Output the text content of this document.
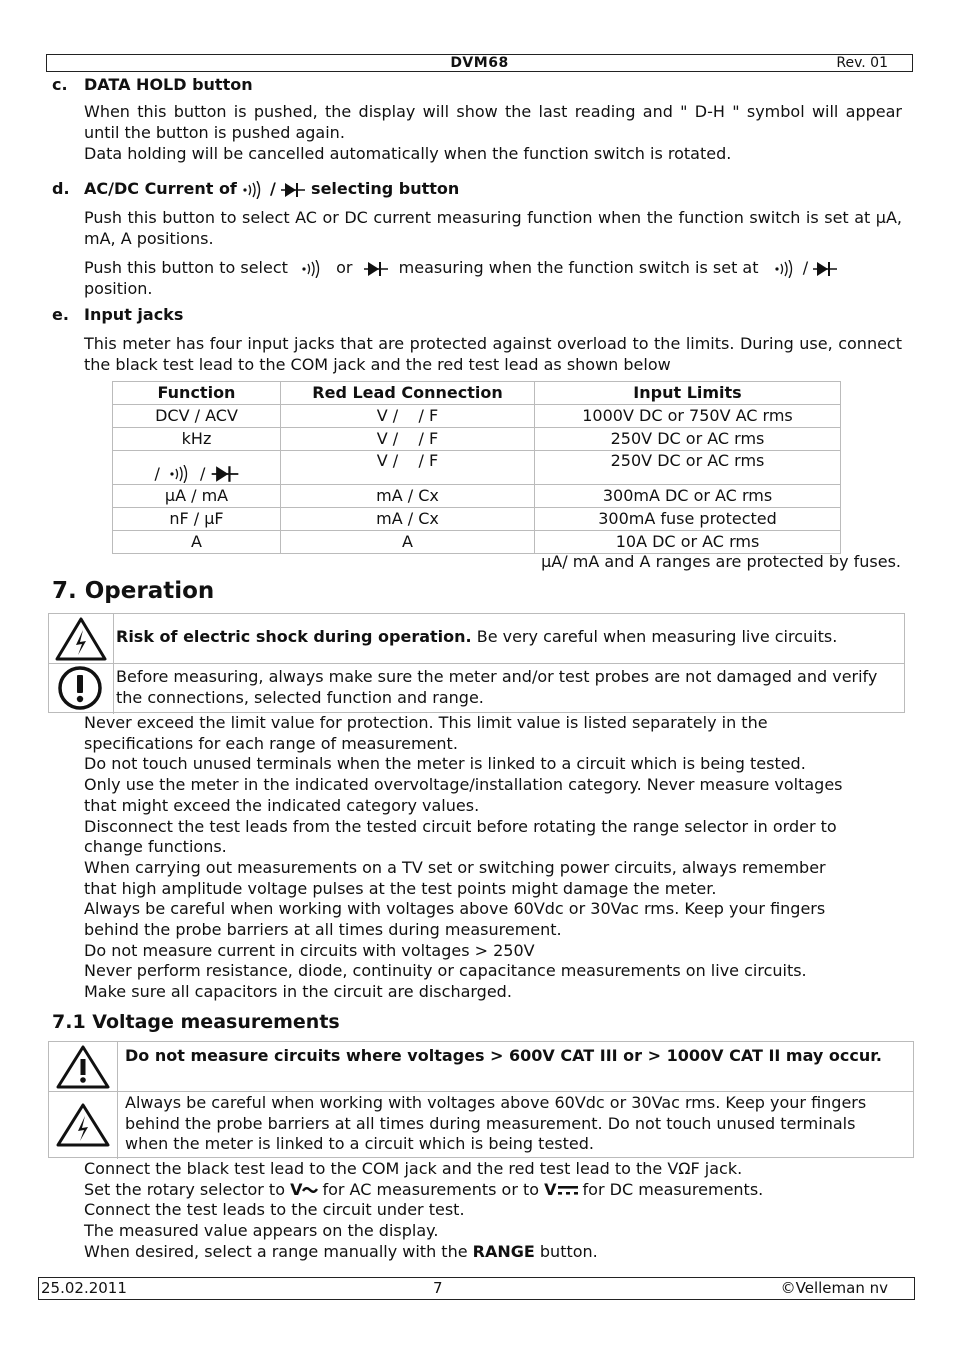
DVM68	Rev. 01
c. DATA HOLD button
When this button is pushed, the display will show the last reading and " D-H " symbol will appear until the button is pushed again.
Data holding will be cancelled automatically when the function switch is rotated.
d. AC/DC Current of / selecting button
Push this button to select AC or DC current measuring function when the function switch is set at µA, mA, A positions.
Push this button to select	or	measuring when the function switch is set at	/
position.
e. Input jacks
This meter has four input jacks that are protected against overload to the limits. During use, connect the black test lead to the COM jack and the red test lead as shown below
Function	Red Lead Connection	Input Limits
DCV / ACV	V /    / F	1000V DC or 750V AC rms
kHz	V /    / F	250V DC or AC rms
/ /	V /    / F	250V DC or AC rms
µA / mA	mA / Cx	300mA DC or AC rms
nF / µF	mA / Cx	300mA fuse protected
A	A	10A DC or AC rms
µA/ mA and A ranges are protected by fuses.
7. Operation
Risk of electric shock during operation. Be very careful when measuring live circuits.
Before measuring, always make sure the meter and/or test probes are not damaged and verify the connections, selected function and range.

Never exceed the limit value for protection. This limit value is listed separately in the

specifications for each range of measurement.

Do not touch unused terminals when the meter is linked to a circuit which is being tested.

Only use the meter in the indicated overvoltage/installation category. Never measure voltages

that might exceed the indicated category values.

Disconnect the test leads from the tested circuit before rotating the range selector in order to

change functions.

When carrying out measurements on a TV set or switching power circuits, always remember

that high amplitude voltage pulses at the test points might damage the meter.

Always be careful when working with voltages above 60Vdc or 30Vac rms. Keep your fingers

behind the probe barriers at all times during measurement.

Do not measure current in circuits with voltages > 250V

Never perform resistance, diode, continuity or capacitance measurements on live circuits.

Make sure all capacitors in the circuit are discharged.

7.1 Voltage measurements
Do not measure circuits where voltages > 600V CAT III or > 1000V CAT II may occur.
Always be careful when working with voltages above 60Vdc or 30Vac rms. Keep your fingers behind the probe barriers at all times during measurement. Do not touch unused terminals when the meter is linked to a circuit which is being tested.

Connect the black test lead to the COM jack and the red test lead to the VΩF jack.

Set the rotary selector to V for AC measurements or to V for DC measurements.

Connect the test leads to the circuit under test.

The measured value appears on the display.

When desired, select a range manually with the RANGE button.

25.02.2011	7	©Velleman nv
